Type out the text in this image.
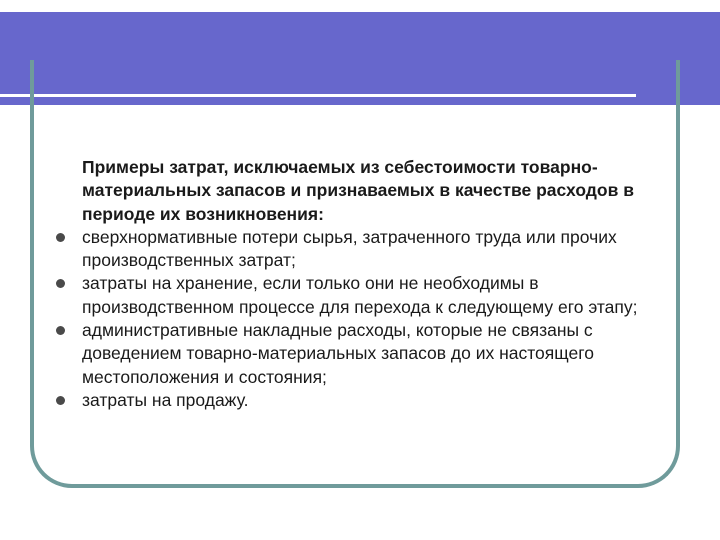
Примеры затрат, исключаемых из себестоимости товарно-материальных запасов и признаваемых в качестве расходов в периоде их возникновения:

сверхнормативные потери сырья, затраченного труда или прочих производственных затрат;
затраты на хранение, если только они не необходимы в производственном процессе для перехода к следующему его этапу;
административные накладные расходы, которые не связаны с доведением товарно-материальных запасов до их настоящего местоположения и состояния;
затраты на продажу.
